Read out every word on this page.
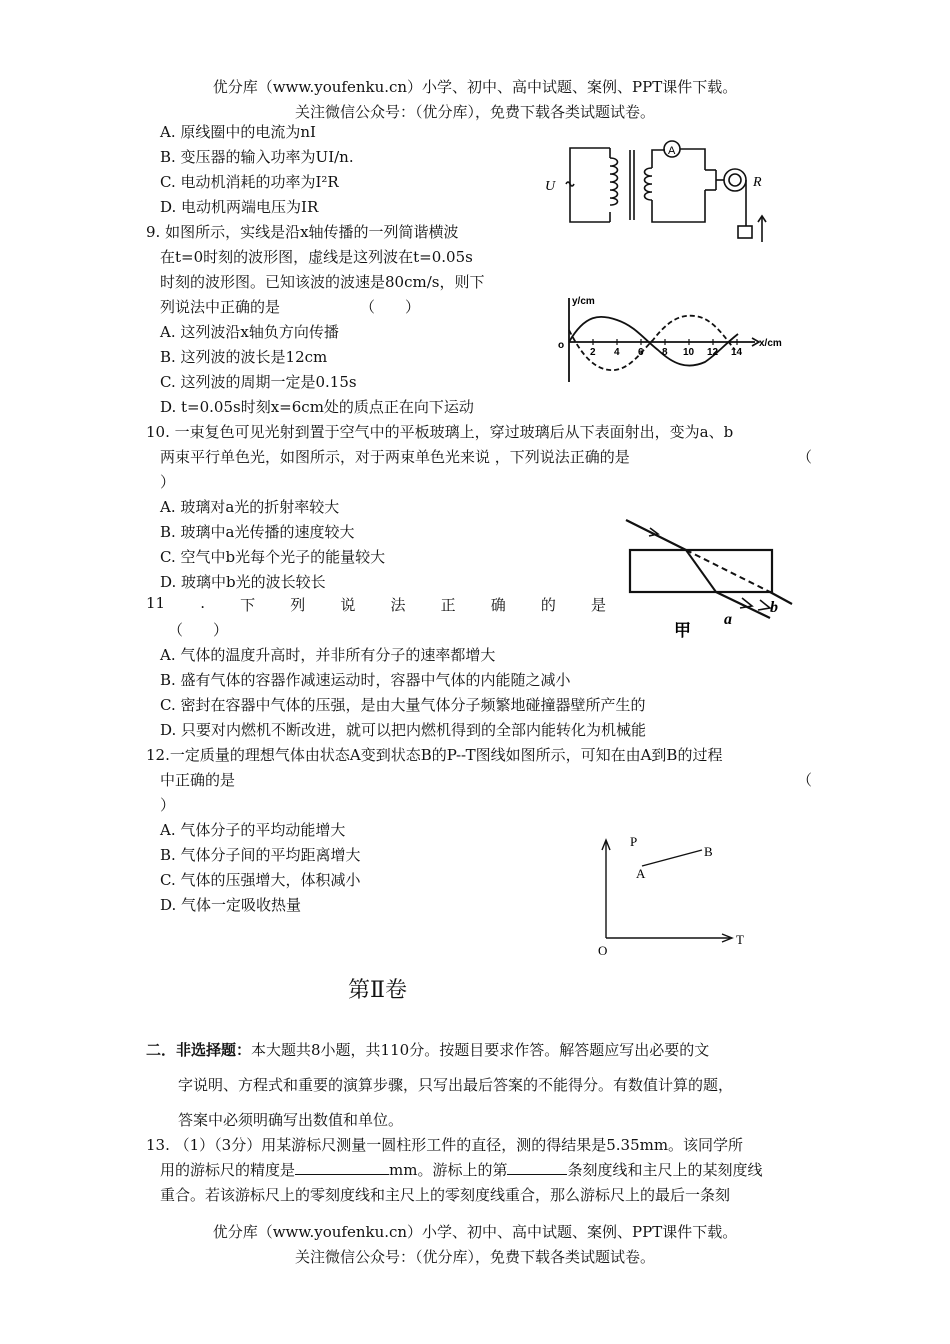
优分库（www.youfenku.cn）小学、初中、高中试题、案例、PPT课件下载。
关注微信公众号：（优分库），免费下载各类试题试卷。
A. 原线圈中的电流为nI
B. 变压器的输入功率为UI/n.
C. 电动机消耗的功率为I²R
D. 电动机两端电压为IR
A
U	R
9. 如图所示，实线是沿x轴传播的一列简谐横波
在t=0时刻的波形图，虚线是这列波在t=0.05s
时刻的波形图。已知该波的波速是80cm/s，则下
列说法中正确的是	（　　）
A. 这列波沿x轴负方向传播
B. 这列波的波长是12cm
C. 这列波的周期一定是0.15s
D. t=0.05s时刻x=6cm处的质点正在向下运动
y/cm
x/cm
o
2 4 6 8 10 12 14
10. 一束复色可见光射到置于空气中的平板玻璃上，穿过玻璃后从下表面射出，变为a、b
两束平行单色光，如图所示，对于两束单色光来说 ，下列说法正确的是	（
）
A. 玻璃对a光的折射率较大
B. 玻璃中a光传播的速度较大
C. 空气中b光每个光子的能量较大
D. 玻璃中b光的波长较长
a
b
甲
11 . 下 列 说 法 正 确 的 是
（　　）
A. 气体的温度升高时，并非所有分子的速率都增大
B. 盛有气体的容器作减速运动时，容器中气体的内能随之减小
C. 密封在容器中气体的压强，是由大量气体分子频繁地碰撞器壁所产生的
D. 只要对内燃机不断改进，就可以把内燃机得到的全部内能转化为机械能
12.一定质量的理想气体由状态A变到状态B的P--T图线如图所示，可知在由A到B的过程
中正确的是	（
）
A. 气体分子的平均动能增大
B. 气体分子间的平均距离增大
C. 气体的压强增大，体积减小
D. 气体一定吸收热量
P
T
O
A
B
第Ⅱ卷
二．非选择题：本大题共8小题，共110分。按题目要求作答。解答题应写出必要的文
字说明、方程式和重要的演算步骤，只写出最后答案的不能得分。有数值计算的题，
答案中必须明确写出数值和单位。
13. （1）（3分）用某游标尺测量一圆柱形工件的直径，测的得结果是5.35mm。该同学所
用的游标尺的精度是	mm。游标上的第	条刻度线和主尺上的某刻度线
重合。若该游标尺上的零刻度线和主尺上的零刻度线重合，那么游标尺上的最后一条刻
优分库（www.youfenku.cn）小学、初中、高中试题、案例、PPT课件下载。
关注微信公众号：（优分库），免费下载各类试题试卷。
